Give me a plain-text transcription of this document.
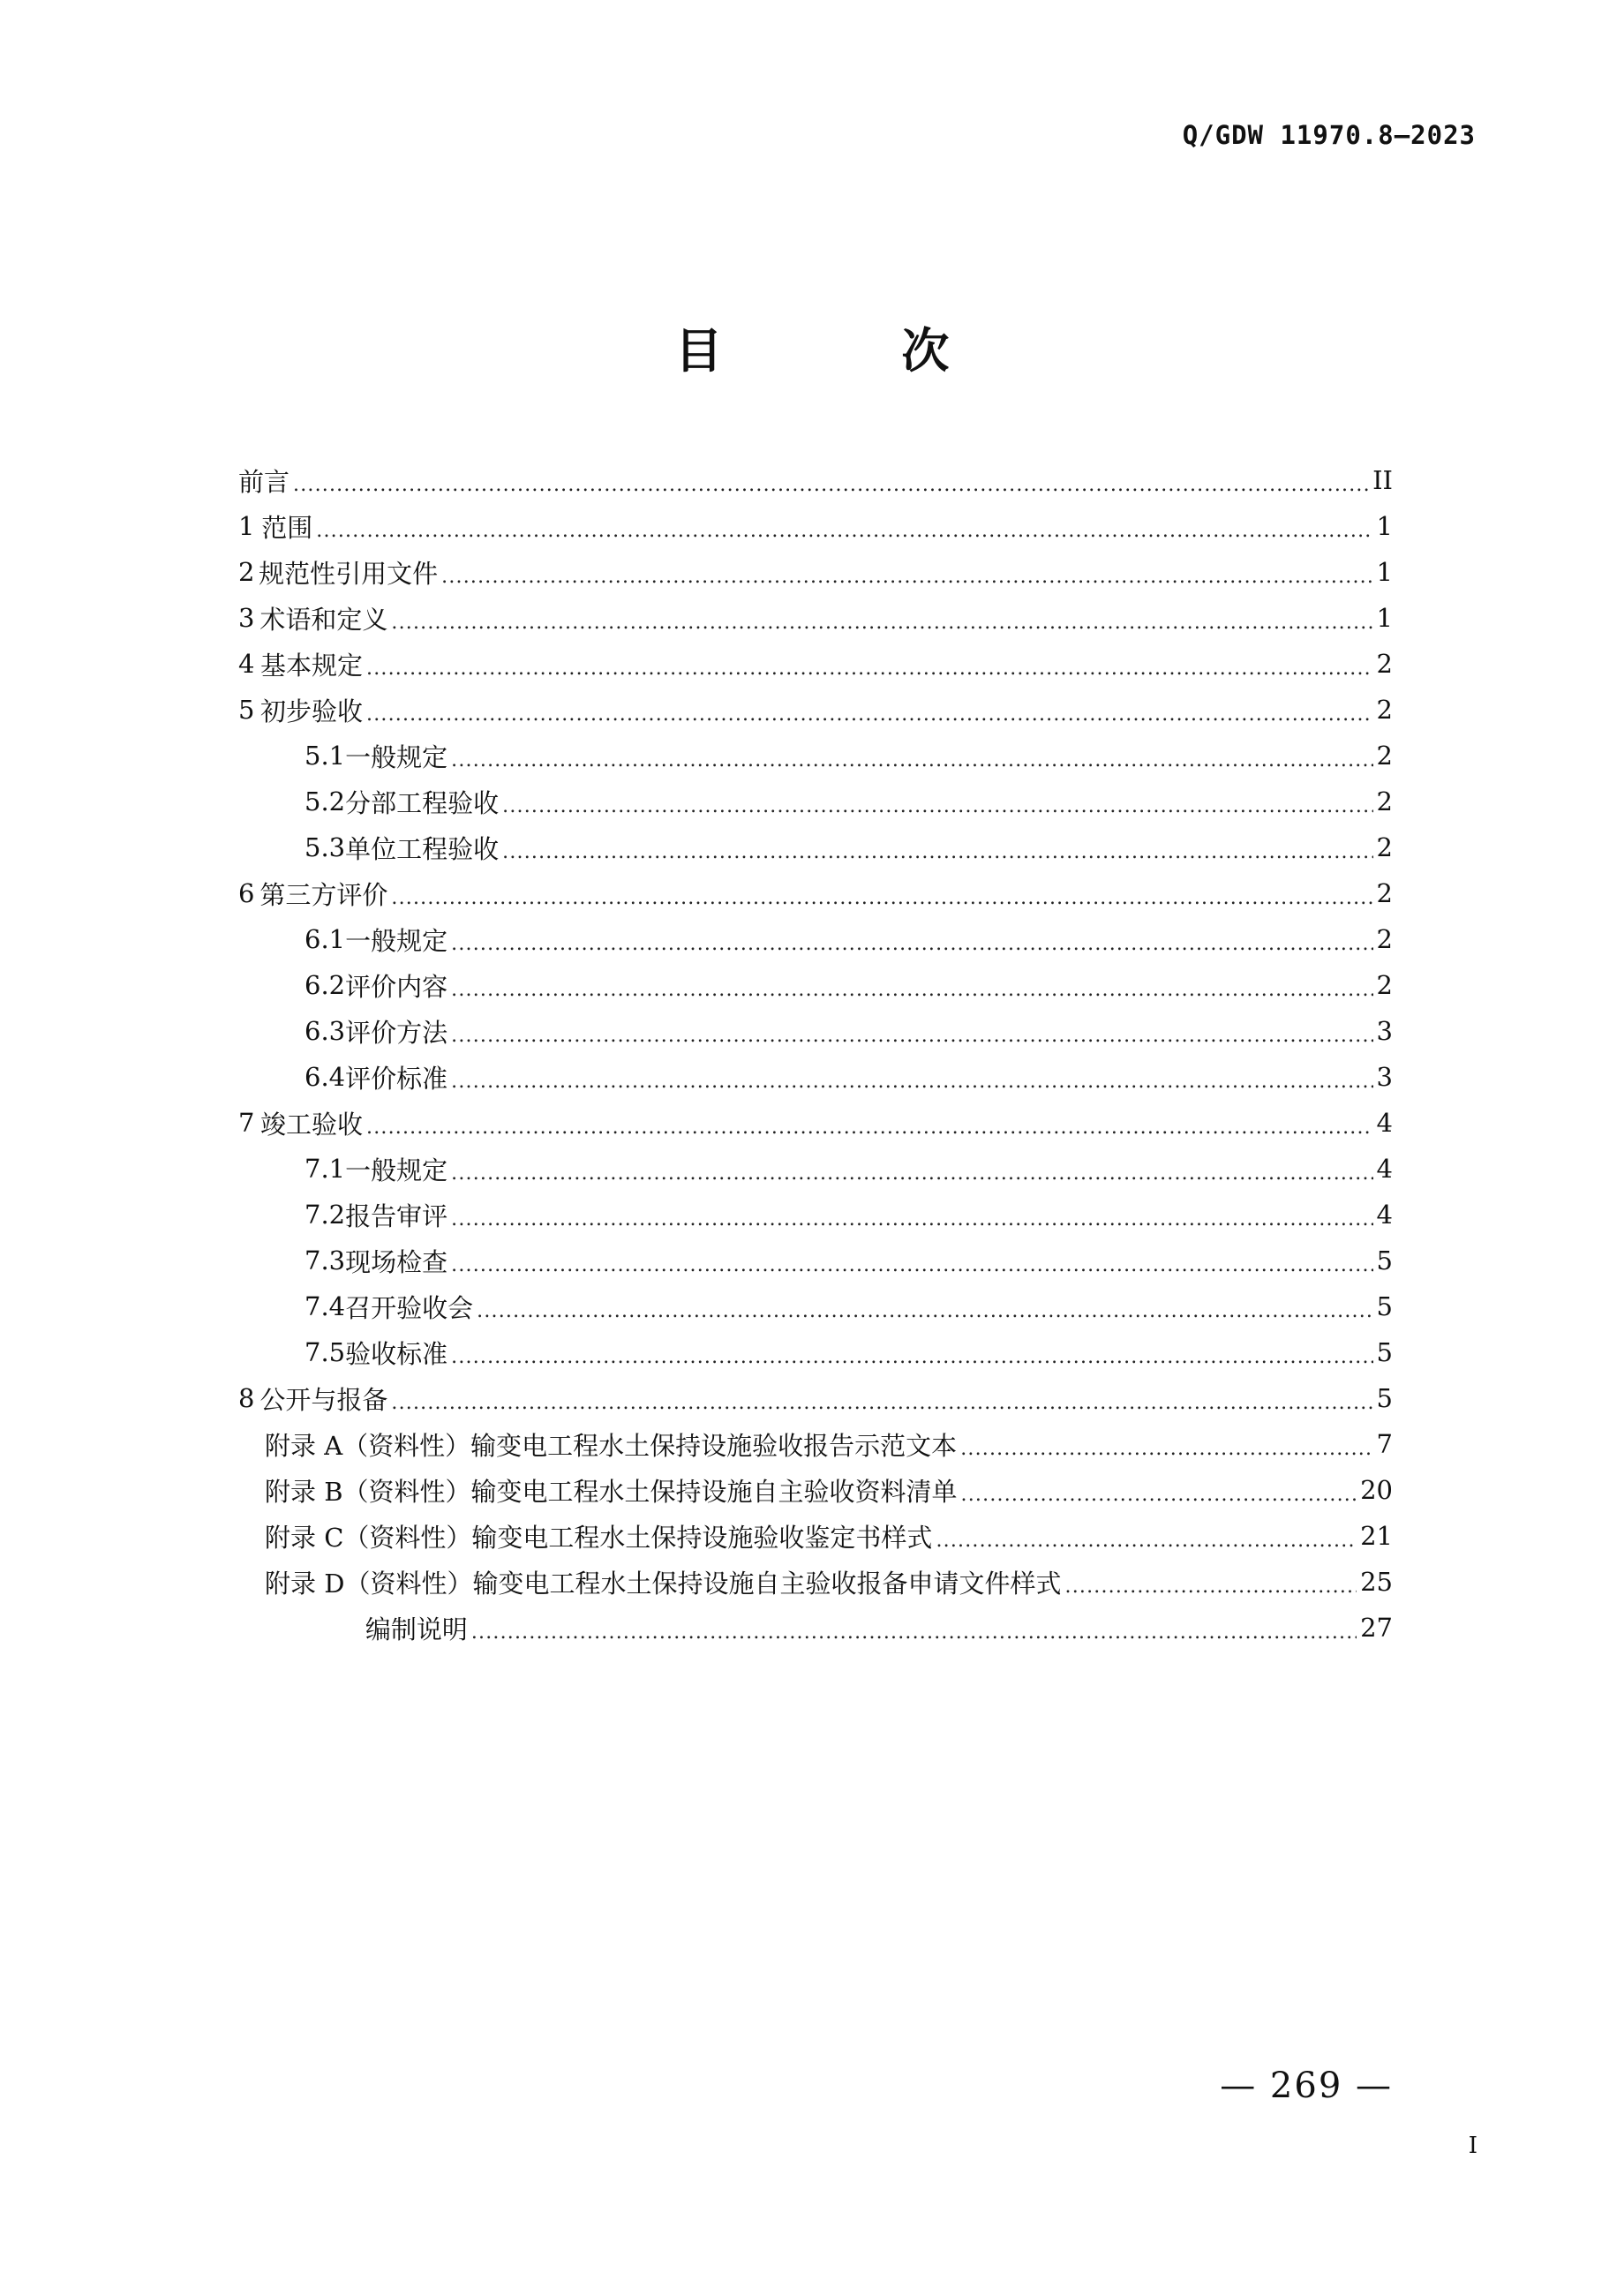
Q/GDW 11970.8—2023
目 次
前言 .....	II
1 范围 .....	1
2 规范性引用文件 .....	1
3 术语和定义 .....	1
4 基本规定 .....	2
5 初步验收 .....	2
5.1 一般规定 .....	2
5.2 分部工程验收 .....	2
5.3 单位工程验收 .....	2
6 第三方评价 .....	2
6.1 一般规定 .....	2
6.2 评价内容 .....	2
6.3 评价方法 .....	3
6.4 评价标准 .....	3
7 竣工验收 .....	4
7.1 一般规定 .....	4
7.2 报告审评 .....	4
7.3 现场检查 .....	5
7.4 召开验收会 .....	5
7.5 验收标准 .....	5
8 公开与报备 .....	5
附录 A（资料性） 输变电工程水土保持设施验收报告示范文本 .....	7
附录 B（资料性） 输变电工程水土保持设施自主验收资料清单 .....	20
附录 C（资料性） 输变电工程水土保持设施验收鉴定书样式 .....	21
附录 D（资料性） 输变电工程水土保持设施自主验收报备申请文件样式 .....	25
编制说明 .....	27
— 269 —
I
